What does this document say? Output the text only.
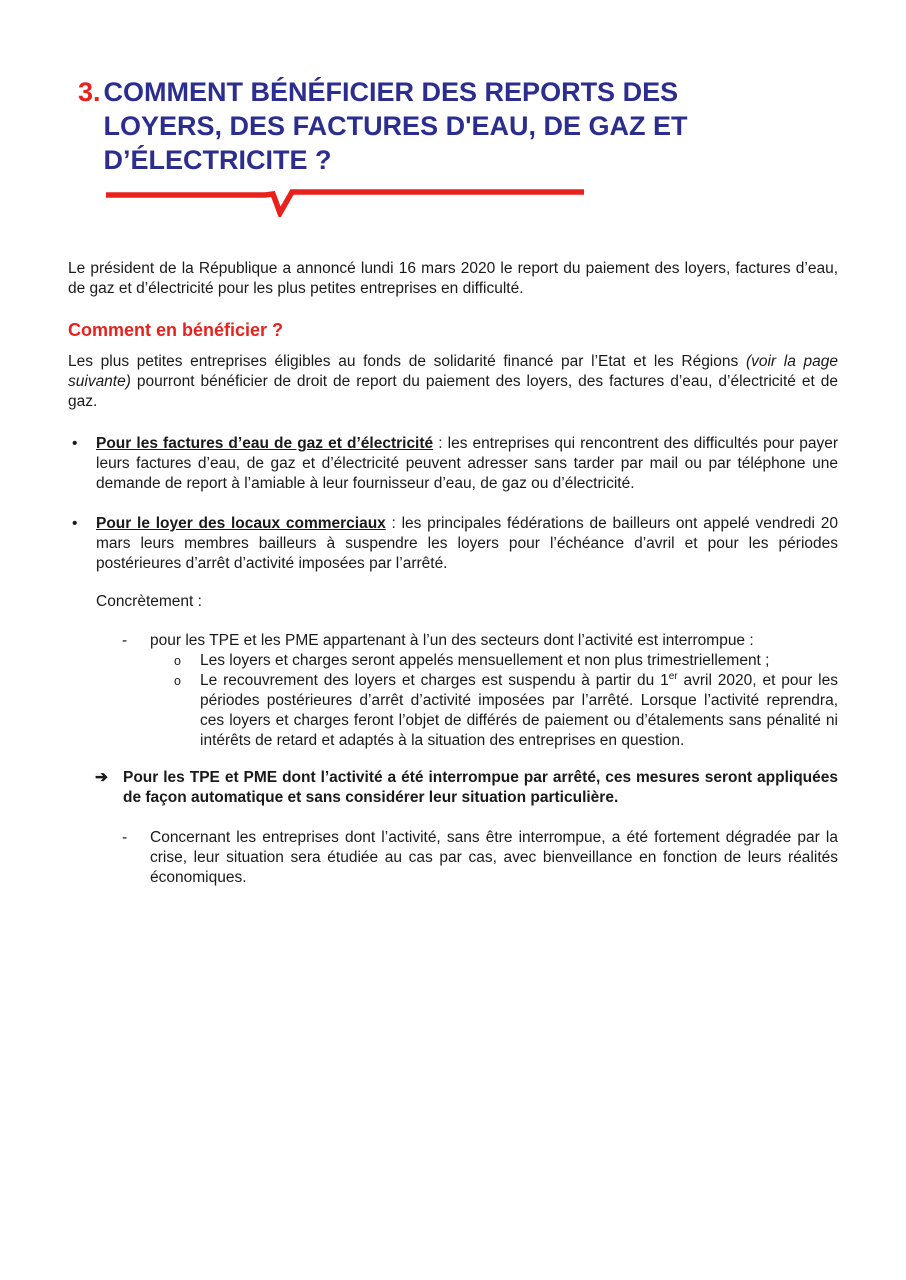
3. COMMENT BÉNÉFICIER DES REPORTS DES LOYERS, DES FACTURES D'EAU, DE GAZ ET D’ÉLECTRICITE ?

Le président de la République a annoncé lundi 16 mars 2020 le report du paiement des loyers, factures d’eau, de gaz et d’électricité pour les plus petites entreprises en difficulté.

Comment en bénéficier ?

Les plus petites entreprises éligibles au fonds de solidarité financé par l’Etat et les Régions (voir la page suivante) pourront bénéficier de droit de report du paiement des loyers, des factures d’eau, d’électricité et de gaz.

•	Pour les factures d’eau de gaz et d’électricité : les entreprises qui rencontrent des difficultés pour payer leurs factures d’eau, de gaz et d’électricité peuvent adresser sans tarder par mail ou par téléphone une demande de report à l’amiable à leur fournisseur d’eau, de gaz ou d’électricité.
•	Pour le loyer des locaux commerciaux : les principales fédérations de bailleurs ont appelé vendredi 20 mars leurs membres bailleurs à suspendre les loyers pour l’échéance d’avril et pour les périodes postérieures d’arrêt d’activité imposées par l’arrêté.
Concrètement :
-	pour les TPE et les PME appartenant à l’un des secteurs dont l’activité est interrompue :
o	Les loyers et charges seront appelés mensuellement et non plus trimestriellement ;
o	Le recouvrement des loyers et charges est suspendu à partir du 1er avril 2020, et pour les périodes postérieures d’arrêt d’activité imposées par l’arrêté. Lorsque l’activité reprendra, ces loyers et charges feront l’objet de différés de paiement ou d’étalements sans pénalité ni intérêts de retard et adaptés à la situation des entreprises en question.
➔ Pour les TPE et PME dont l’activité a été interrompue par arrêté, ces mesures seront appliquées de façon automatique et sans considérer leur situation particulière.
-	Concernant les entreprises dont l’activité, sans être interrompue, a été fortement dégradée par la crise, leur situation sera étudiée au cas par cas, avec bienveillance en fonction de leurs réalités économiques.
